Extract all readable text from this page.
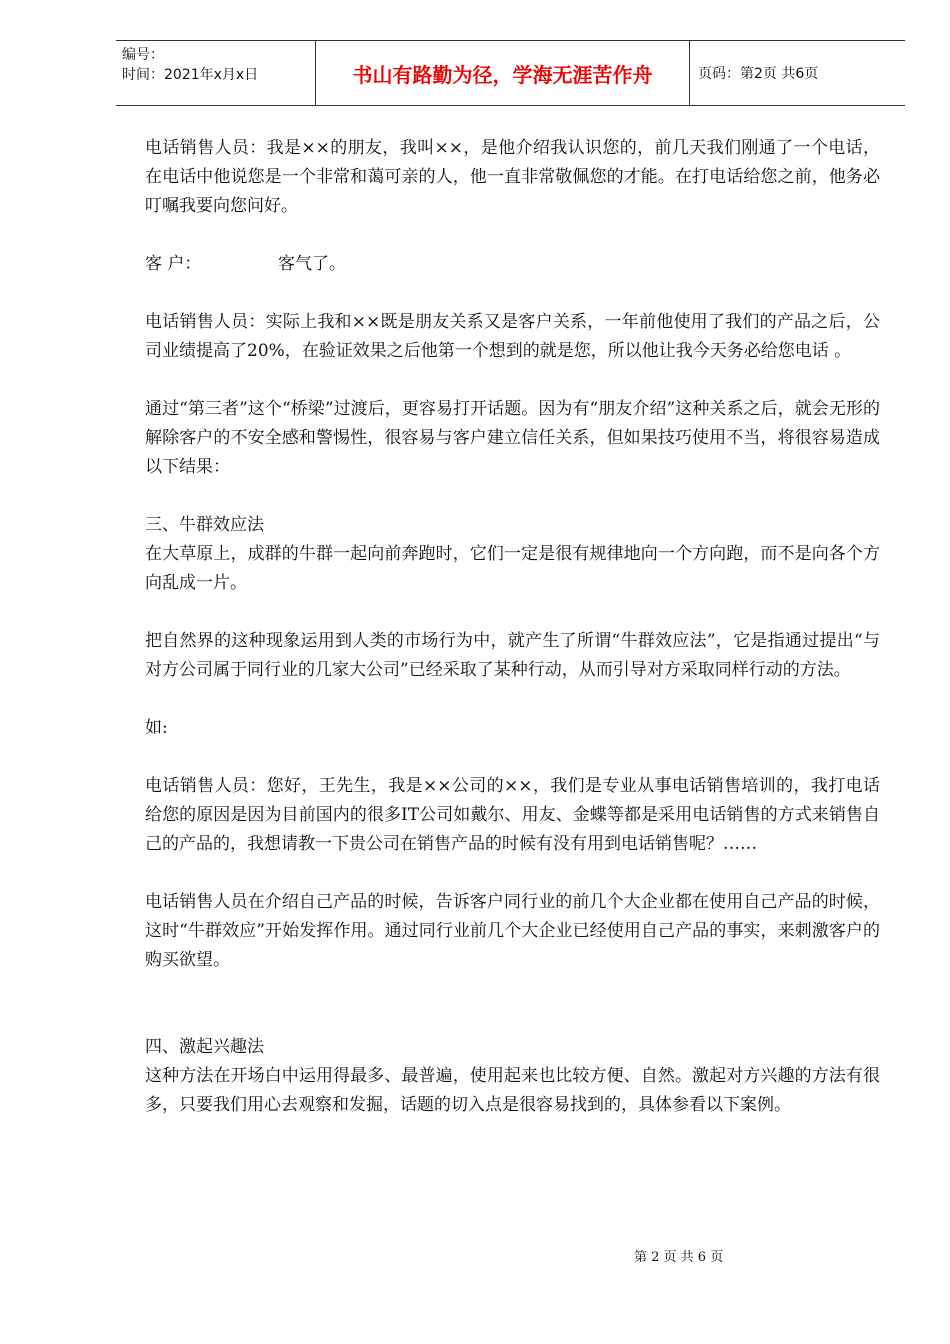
编号：
时间：2021年x月x日	书山有路勤为径，学海无涯苦作舟	页码：第2页 共6页

电话销售人员：我是××的朋友，我叫××，是他介绍我认识您的，前几天我们刚通了一个电话，在电话中他说您是一个非常和蔼可亲的人，他一直非常敬佩您的才能。在打电话给您之前，他务必叮嘱我要向您问好。

客 户：	客气了。

电话销售人员：实际上我和××既是朋友关系又是客户关系，一年前他使用了我们的产品之后，公司业绩提高了20%，在验证效果之后他第一个想到的就是您，所以他让我今天务必给您电话 。

通过“第三者”这个“桥梁”过渡后，更容易打开话题。因为有“朋友介绍”这种关系之后，就会无形的解除客户的不安全感和警惕性，很容易与客户建立信任关系，但如果技巧使用不当，将很容易造成以下结果：

三、牛群效应法

在大草原上，成群的牛群一起向前奔跑时，它们一定是很有规律地向一个方向跑，而不是向各个方向乱成一片。

把自然界的这种现象运用到人类的市场行为中，就产生了所谓“牛群效应法”，它是指通过提出“与对方公司属于同行业的几家大公司”已经采取了某种行动，从而引导对方采取同样行动的方法。

如:

电话销售人员：您好，王先生，我是××公司的××，我们是专业从事电话销售培训的，我打电话给您的原因是因为目前国内的很多IT公司如戴尔、用友、金蝶等都是采用电话销售的方式来销售自己的产品的，我想请教一下贵公司在销售产品的时候有没有用到电话销售呢？……

电话销售人员在介绍自己产品的时候，告诉客户同行业的前几个大企业都在使用自己产品的时候，这时“牛群效应”开始发挥作用。通过同行业前几个大企业已经使用自己产品的事实，来刺激客户的购买欲望。

四、激起兴趣法

这种方法在开场白中运用得最多、最普遍，使用起来也比较方便、自然。激起对方兴趣的方法有很多，只要我们用心去观察和发掘，话题的切入点是很容易找到的，具体参看以下案例。

第 2 页 共 6 页
